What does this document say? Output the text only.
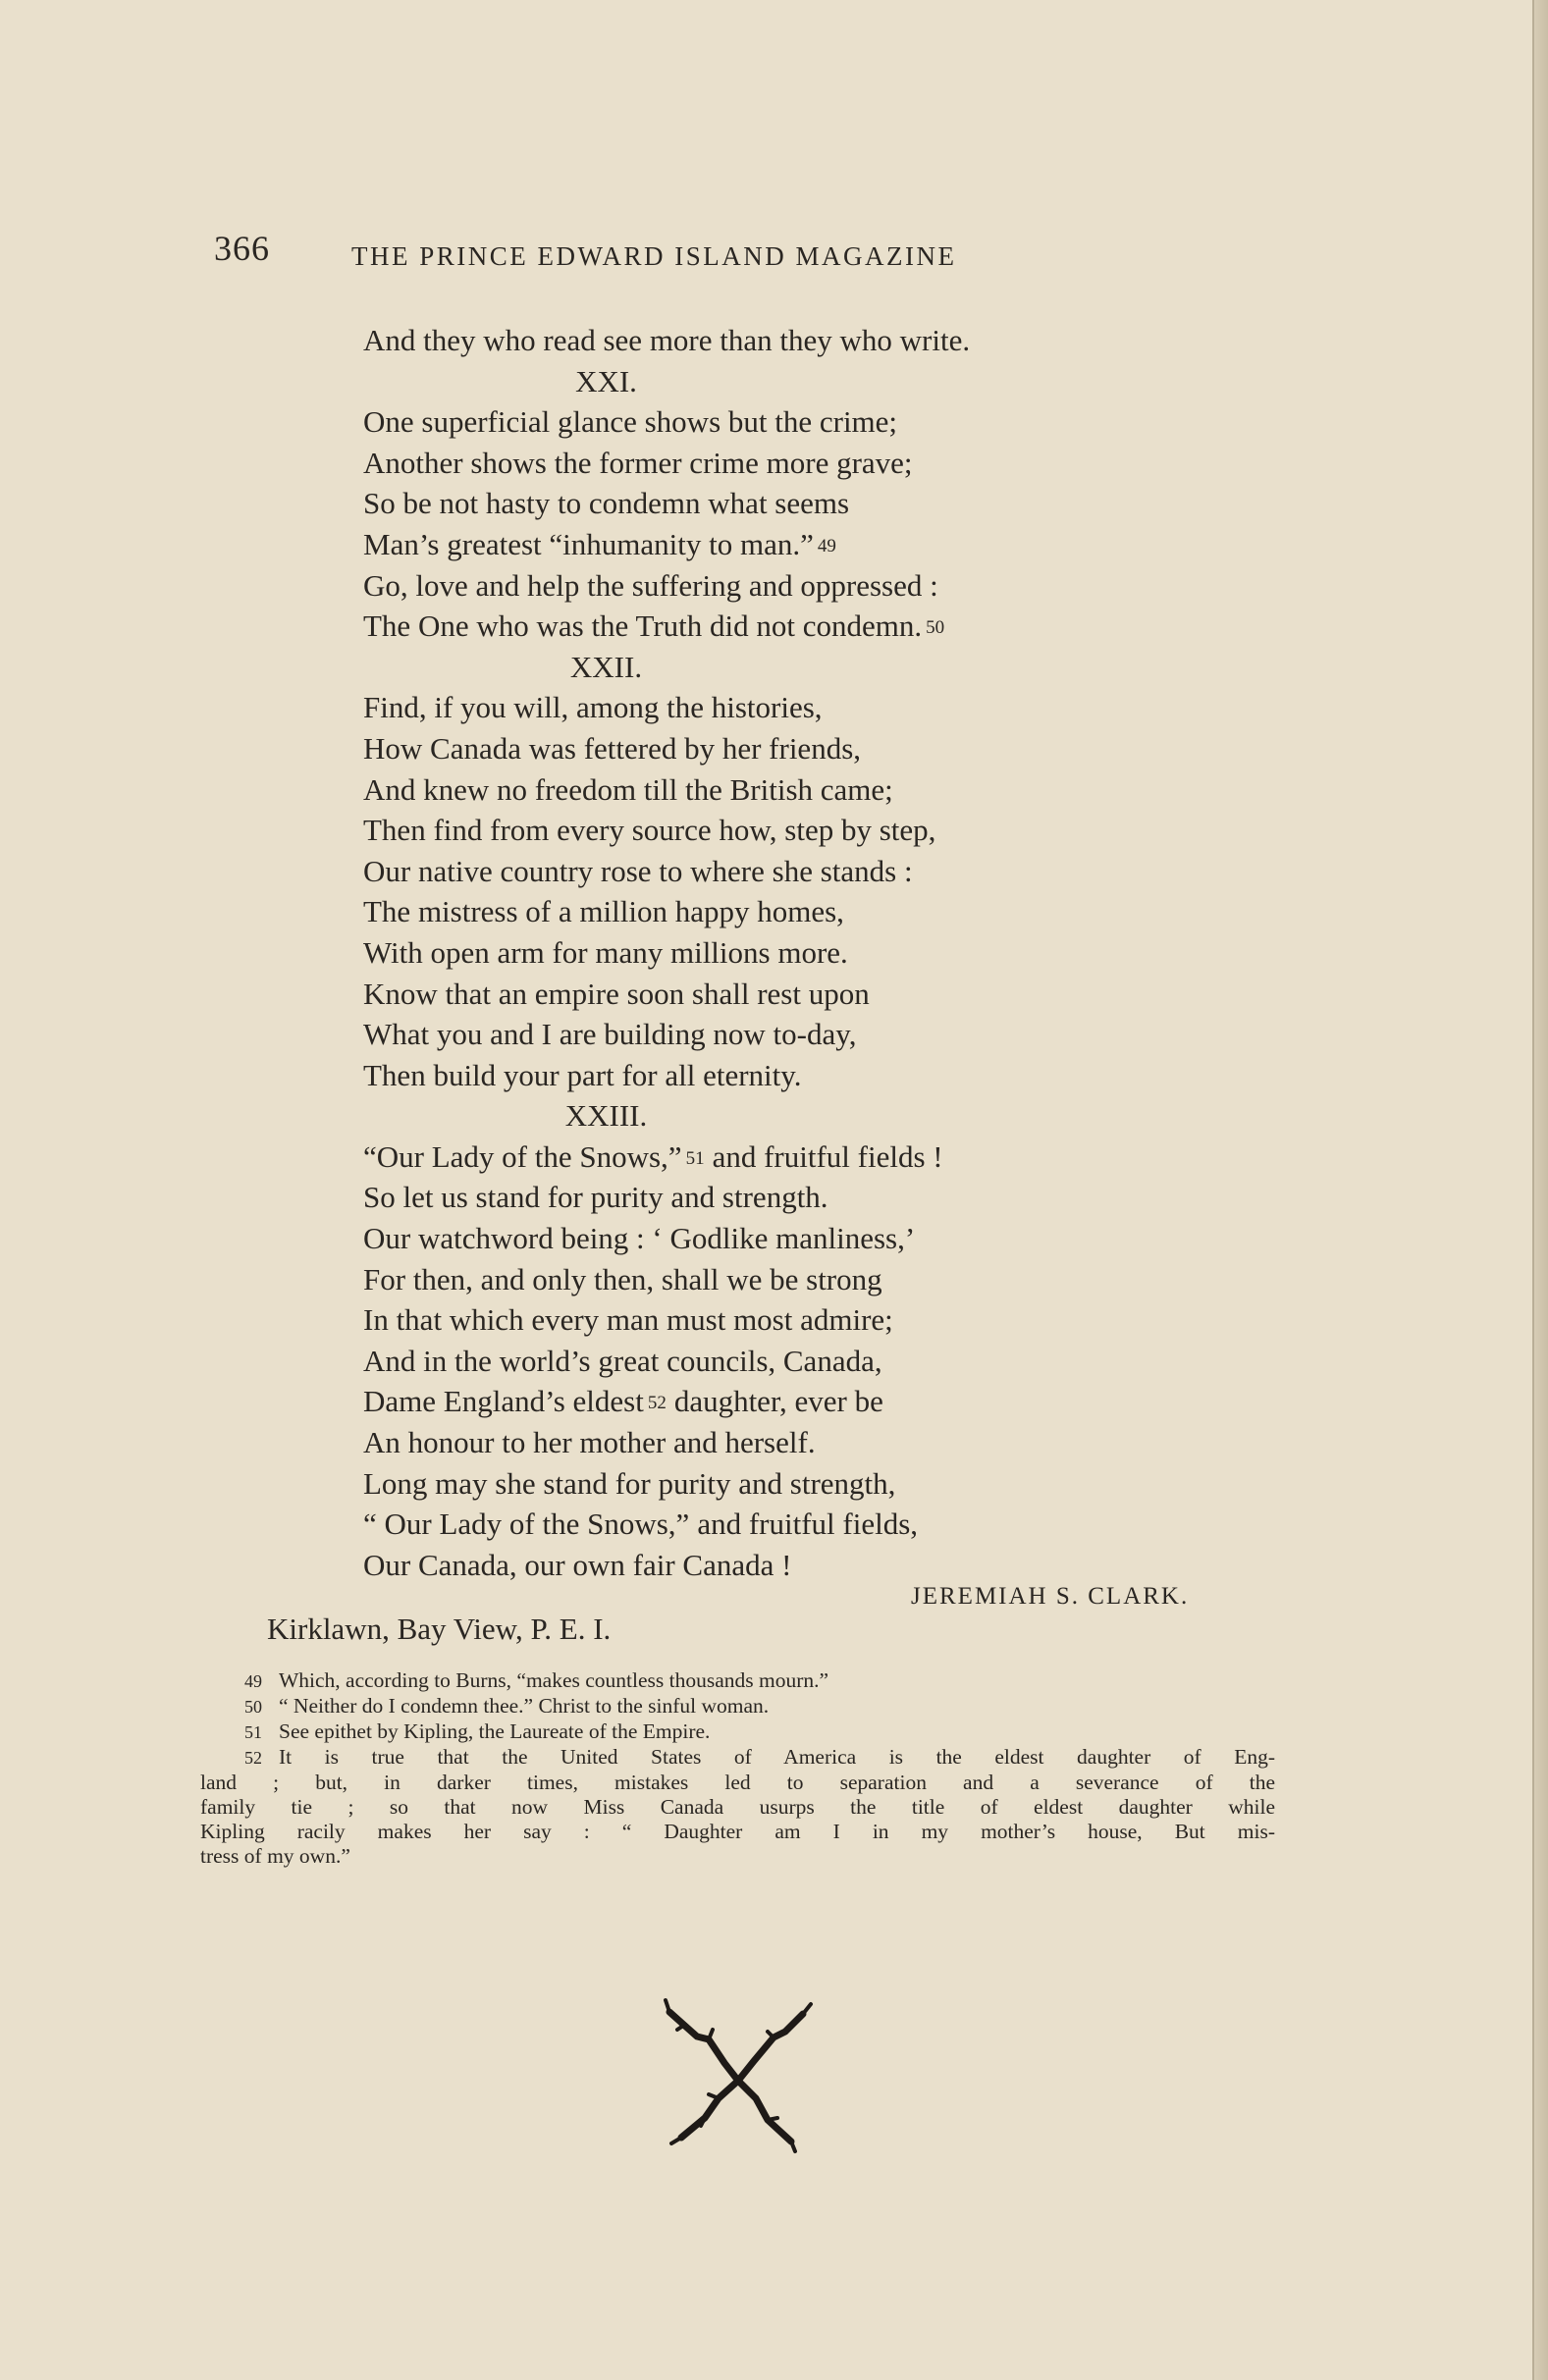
366	THE PRINCE EDWARD ISLAND MAGAZINE
And they who read see more than they who write.
XXI.
One superficial glance shows but the crime;
Another shows the former crime more grave;
So be not hasty to condemn what seems
Man’s greatest “inhumanity to man.” 49
Go, love and help the suffering and oppressed :
The One who was the Truth did not condemn. 50
XXII.
Find, if you will, among the histories,
How Canada was fettered by her friends,
And knew no freedom till the British came;
Then find from every source how, step by step,
Our native country rose to where she stands :
The mistress of a million happy homes,
With open arm for many millions more.
Know that an empire soon shall rest upon
What you and I are building now to-day,
Then build your part for all eternity.
XXIII.
“Our Lady of the Snows,” 51 and fruitful fields !
So let us stand for purity and strength.
Our watchword being : ‘ Godlike manliness,’
For then, and only then, shall we be strong
In that which every man must most admire;
And in the world’s great councils, Canada,
Dame England’s eldest 52 daughter, ever be
An honour to her mother and herself.
Long may she stand for purity and strength,
“ Our Lady of the Snows,” and fruitful fields,
Our Canada, our own fair Canada !
JEREMIAH S. CLARK.
Kirklawn, Bay View, P. E. I.
49 Which, according to Burns, “makes countless thousands mourn.”
50 “ Neither do I condemn thee.” Christ to the sinful woman.
51 See epithet by Kipling, the Laureate of the Empire.
52 It is true that the United States of America is the eldest daughter of Eng-
land ; but, in darker times, mistakes led to separation and a severance of the
family tie ; so that now Miss Canada usurps the title of eldest daughter while
Kipling racily makes her say : “ Daughter am I in my mother’s house, But mis-
tress of my own.”
